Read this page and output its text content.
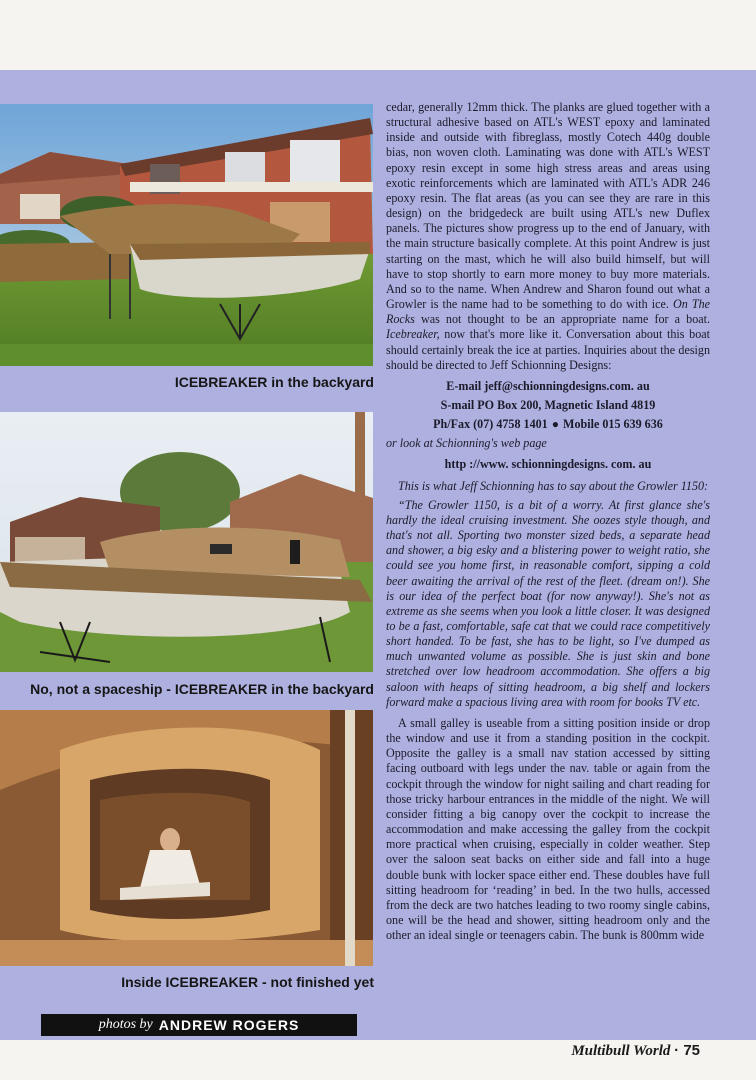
ICEBREAKER in the backyard
No, not a spaceship - ICEBREAKER in the backyard
Inside ICEBREAKER - not finished yet
photos by ANDREW ROGERS

cedar, generally 12mm thick. The planks are glued together with a structural adhesive based on ATL's WEST epoxy and laminated inside and outside with fibreglass, mostly Cotech 440g double bias, non woven cloth. Laminating was done with ATL's WEST epoxy resin except in some high stress areas and areas using exotic reinforcements which are laminated with ATL's ADR 246 epoxy resin. The flat areas (as you can see they are rare in this design) on the bridgedeck are built using ATL's new Duflex panels. The pictures show progress up to the end of January, with the main structure basically complete. At this point Andrew is just starting on the mast, which he will also build himself, but will have to stop shortly to earn more money to buy more materials. And so to the name. When Andrew and Sharon found out what a Growler is the name had to be something to do with ice. On The Rocks was not thought to be an appropriate name for a boat. Icebreaker, now that's more like it. Conversation about this boat should certainly break the ice at parties. Inquiries about the design should be directed to Jeff Schionning Designs:

E-mail jeff@schionningdesigns.com. au
S-mail PO Box 200, Magnetic Island 4819
Ph/Fax (07) 4758 1401 ● Mobile 015 639 636

or look at Schionning's web page

http ://www. schionningdesigns. com. au

This is what Jeff Schionning has to say about the Growler 1150:

“The Growler 1150, is a bit of a worry. At first glance she's hardly the ideal cruising investment. She oozes style though, and that's not all. Sporting two monster sized beds, a separate head and shower, a big esky and a blistering power to weight ratio, she could see you home first, in reasonable comfort, sipping a cold beer awaiting the arrival of the rest of the fleet. (dream on!). She is our idea of the perfect boat (for now anyway!). She's not as extreme as she seems when you look a little closer. It was designed to be a fast, comfortable, safe cat that we could race competitively short handed. To be fast, she has to be light, so I've dumped as much unwanted volume as possible. She is just skin and bone stretched over low headroom accommodation. She offers a big saloon with heaps of sitting headroom, a big shelf and lockers forward make a spacious living area with room for books TV etc.

A small galley is useable from a sitting position inside or drop the window and use it from a standing position in the cockpit. Opposite the galley is a small nav station accessed by sitting facing outboard with legs under the nav. table or again from the cockpit through the window for night sailing and chart reading for those tricky harbour entrances in the middle of the night. We will consider fitting a big canopy over the cockpit to increase the accommodation and make accessing the galley from the cockpit more practical when cruising, especially in colder weather. Step over the saloon seat backs on either side and fall into a huge double bunk with locker space either end. These doubles have full sitting headroom for ‘reading’ in bed. In the two hulls, accessed from the deck are two hatches leading to two roomy single cabins, one will be the head and shower, sitting headroom only and the other an ideal single or teenagers cabin. The bunk is 800mm wide

Multibull World · 75
